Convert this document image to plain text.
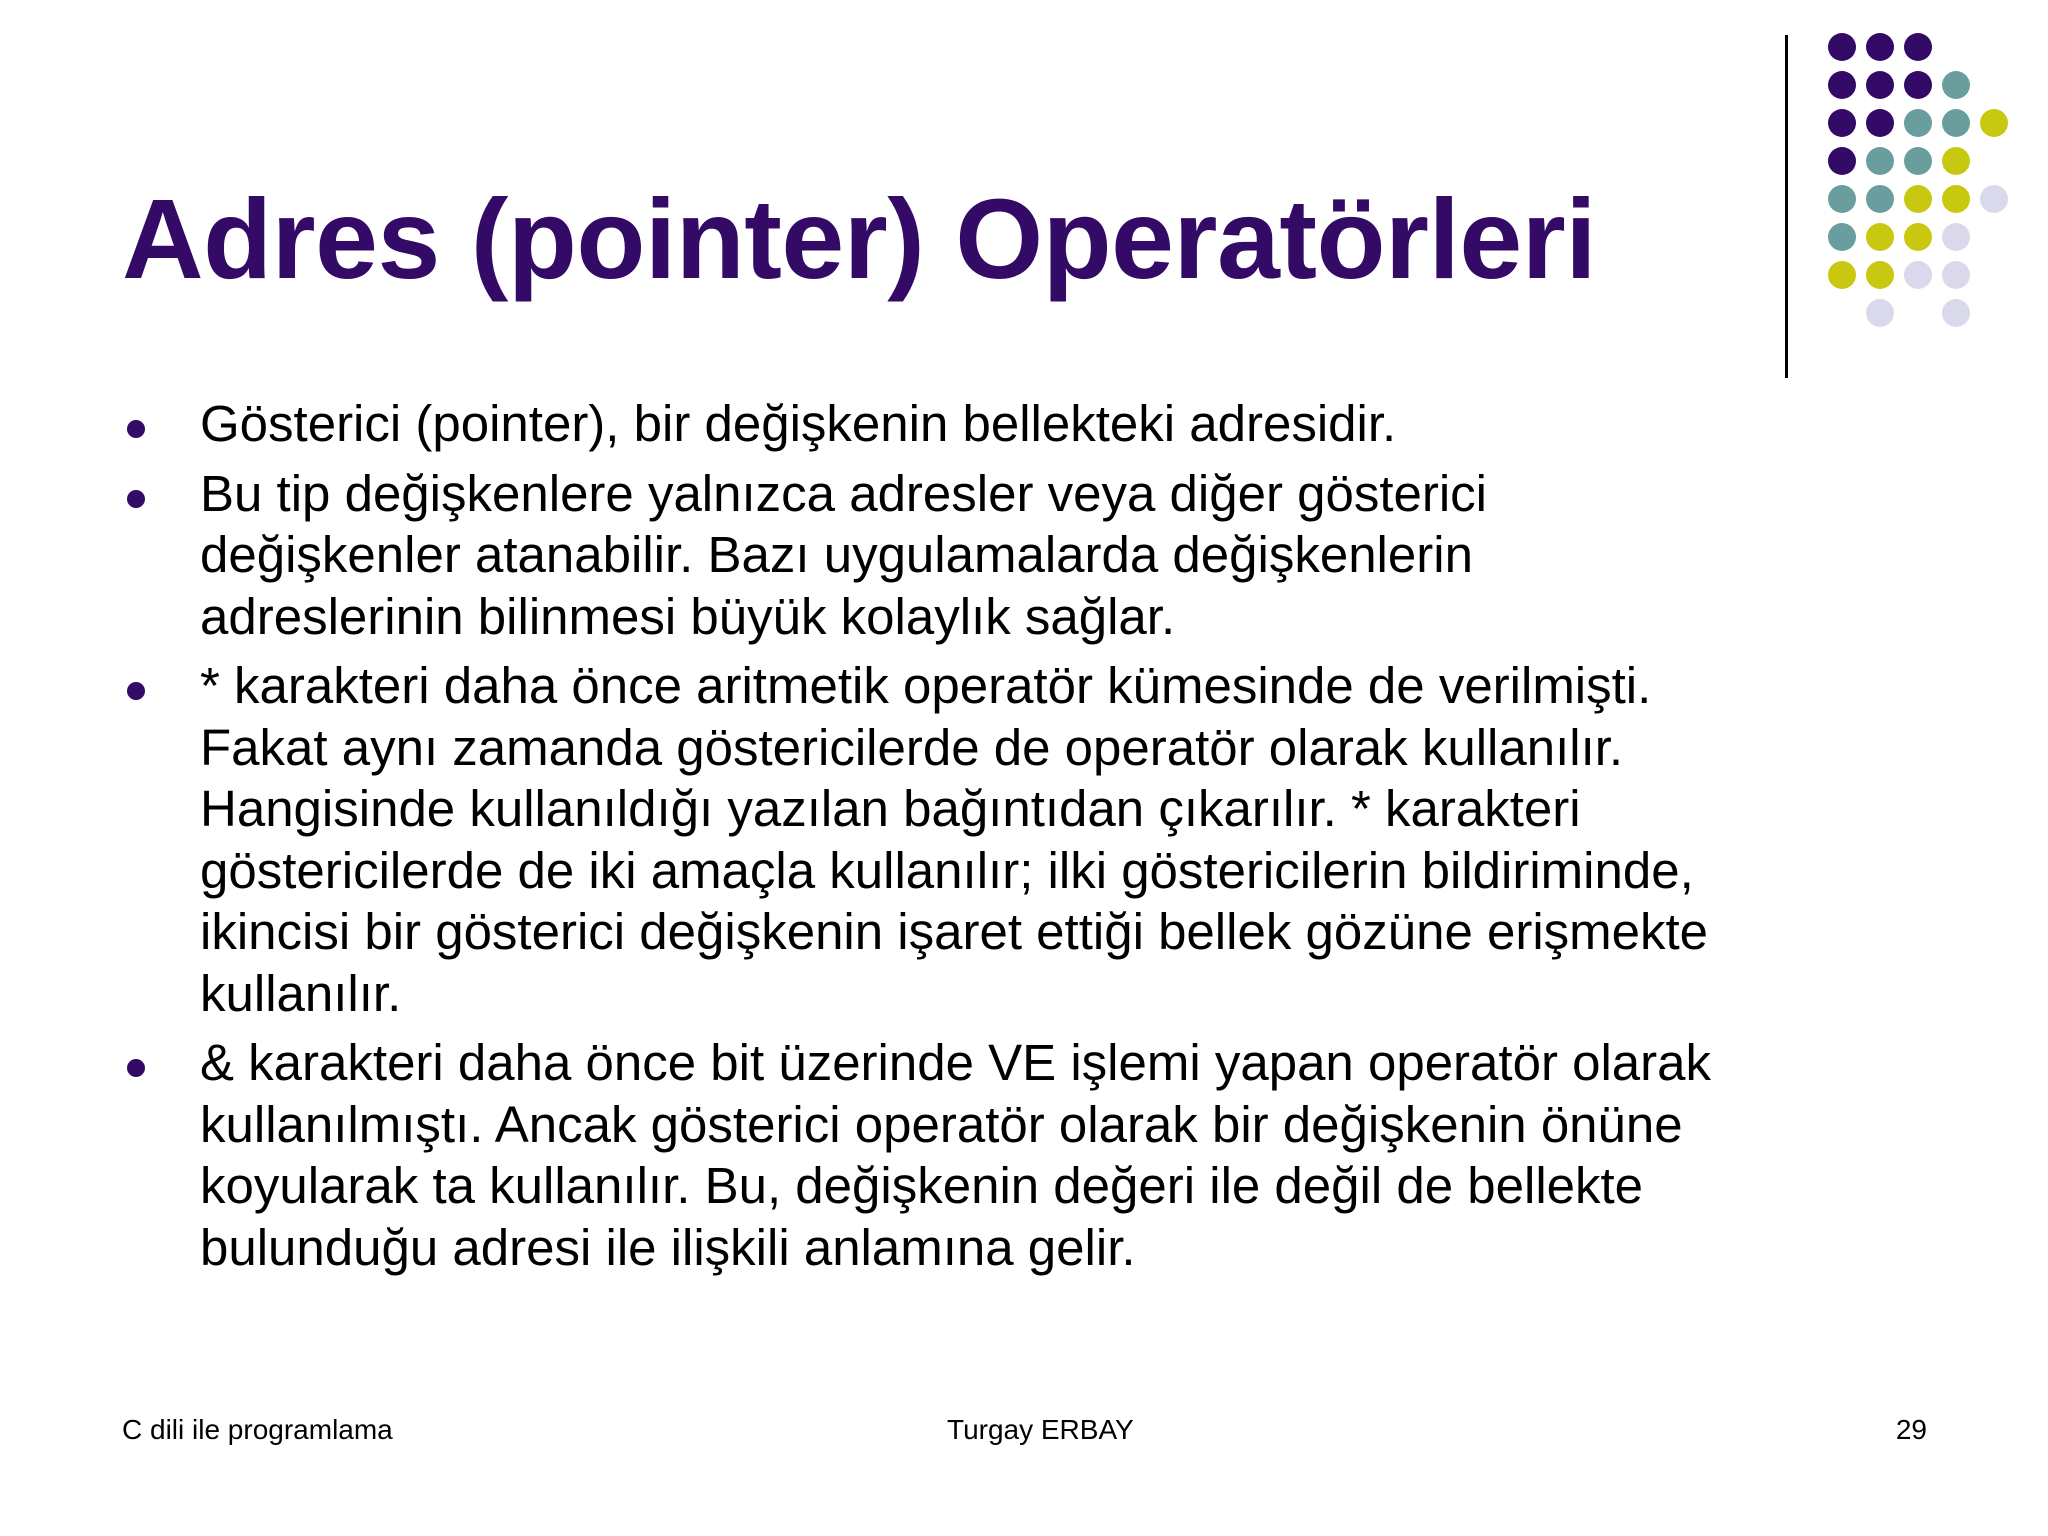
Adres (pointer) Operatörleri
Gösterici (pointer), bir değişkenin bellekteki adresidir.
Bu tip değişkenlere yalnızca adresler veya diğer gösterici
değişkenler atanabilir. Bazı uygulamalarda değişkenlerin
adreslerinin bilinmesi büyük kolaylık sağlar.
* karakteri daha önce aritmetik operatör kümesinde de verilmişti.
Fakat aynı zamanda göstericilerde de operatör olarak kullanılır.
Hangisinde kullanıldığı yazılan bağıntıdan çıkarılır. * karakteri
göstericilerde de iki amaçla kullanılır; ilki göstericilerin bildiriminde,
ikincisi bir gösterici değişkenin işaret ettiği bellek gözüne erişmekte
kullanılır.
& karakteri daha önce bit üzerinde VE işlemi yapan operatör olarak
kullanılmıştı. Ancak gösterici operatör olarak bir değişkenin önüne
koyularak ta kullanılır. Bu, değişkenin değeri ile değil de bellekte
bulunduğu adresi ile ilişkili anlamına gelir.
C dili ile programlama	Turgay ERBAY	29
